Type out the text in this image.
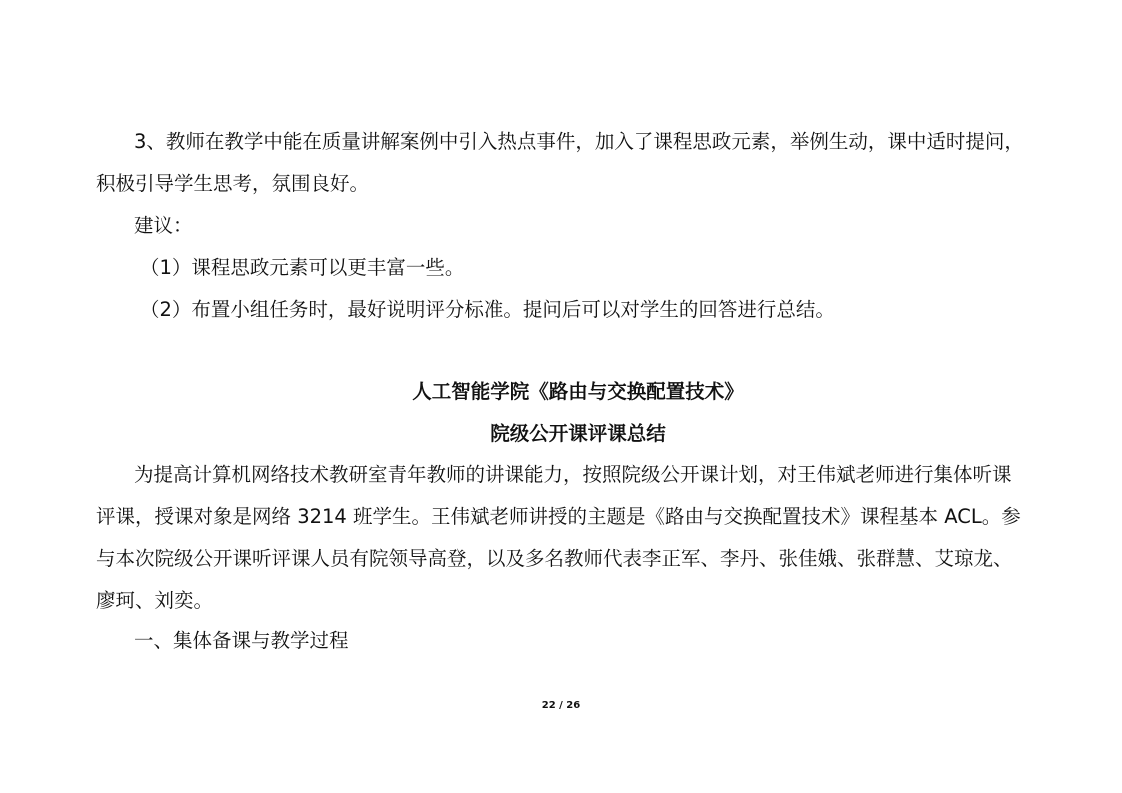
3、教师在教学中能在质量讲解案例中引入热点事件，加入了课程思政元素，举例生动，课中适时提问，
积极引导学生思考，氛围良好。
建议：
（1）课程思政元素可以更丰富一些。
（2）布置小组任务时，最好说明评分标准。提问后可以对学生的回答进行总结。
人工智能学院《路由与交换配置技术》
院级公开课评课总结
为提高计算机网络技术教研室青年教师的讲课能力，按照院级公开课计划，对王伟斌老师进行集体听课
评课，授课对象是网络 3214 班学生。王伟斌老师讲授的主题是《路由与交换配置技术》课程基本 ACL。参
与本次院级公开课听评课人员有院领导高登，以及多名教师代表李正军、李丹、张佳娥、张群慧、艾琼龙、
廖珂、刘奕。
一、集体备课与教学过程
22 / 26
